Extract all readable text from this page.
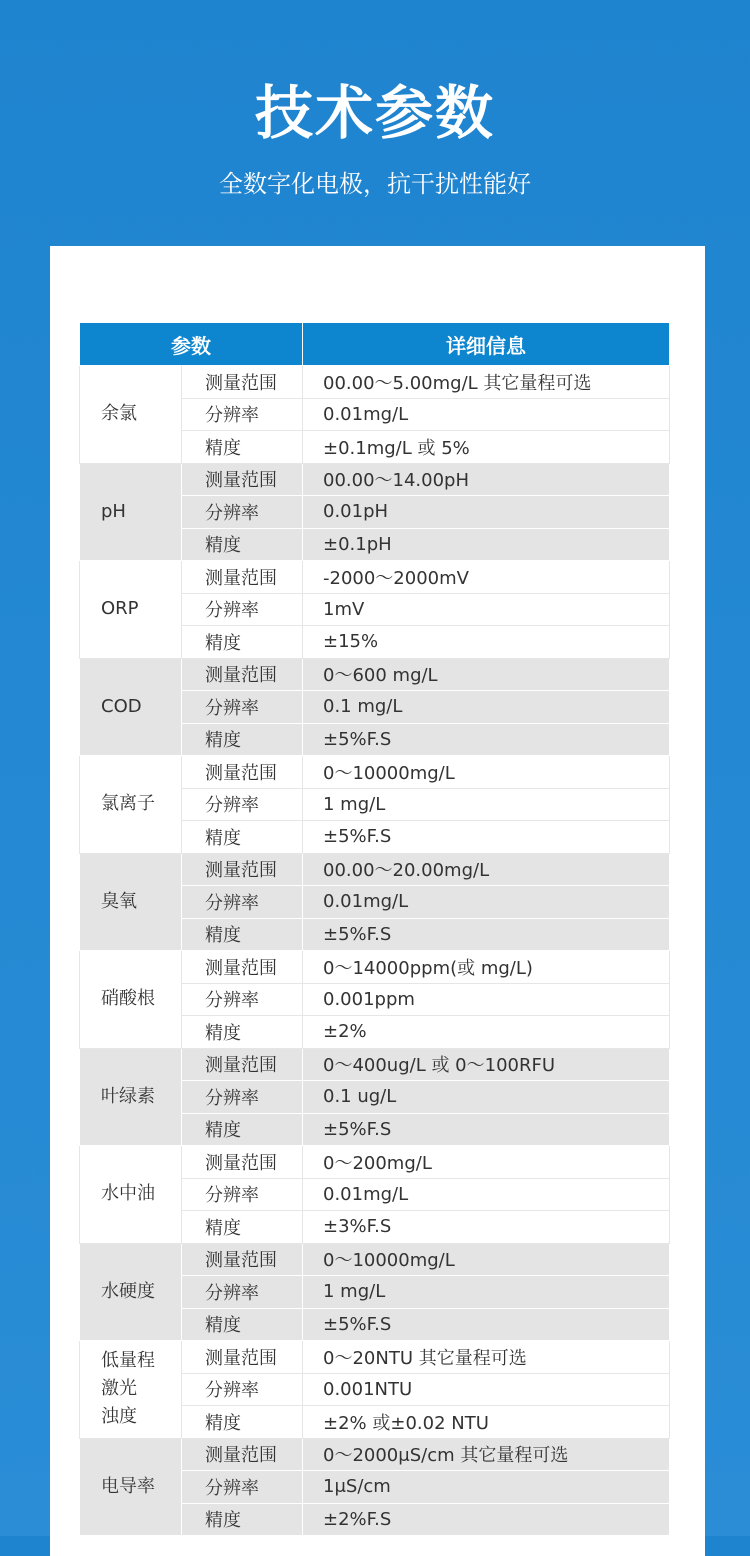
技术参数
全数字化电极，抗干扰性能好
参数		详细信息
余氯	测量范围	00.00～5.00mg/L 其它量程可选
	分辨率	0.01mg/L
	精度	±0.1mg/L 或 5%
pH	测量范围	00.00～14.00pH
	分辨率	0.01pH
	精度	±0.1pH
ORP	测量范围	-2000～2000mV
	分辨率	1mV
	精度	±15%
COD	测量范围	0～600 mg/L
	分辨率	0.1 mg/L
	精度	±5%F.S
氯离子	测量范围	0～10000mg/L
	分辨率	1 mg/L
	精度	±5%F.S
臭氧	测量范围	00.00～20.00mg/L
	分辨率	0.01mg/L
	精度	±5%F.S
硝酸根	测量范围	0～14000ppm(或 mg/L)
	分辨率	0.001ppm
	精度	±2%
叶绿素	测量范围	0～400ug/L 或 0～100RFU
	分辨率	0.1 ug/L
	精度	±5%F.S
水中油	测量范围	0～200mg/L
	分辨率	0.01mg/L
	精度	±3%F.S
水硬度	测量范围	0～10000mg/L
	分辨率	1 mg/L
	精度	±5%F.S
低量程
激光
浊度	测量范围	0～20NTU 其它量程可选
	分辨率	0.001NTU
	精度	±2% 或±0.02 NTU
电导率	测量范围	0～2000μS/cm 其它量程可选
	分辨率	1μS/cm
	精度	±2%F.S
